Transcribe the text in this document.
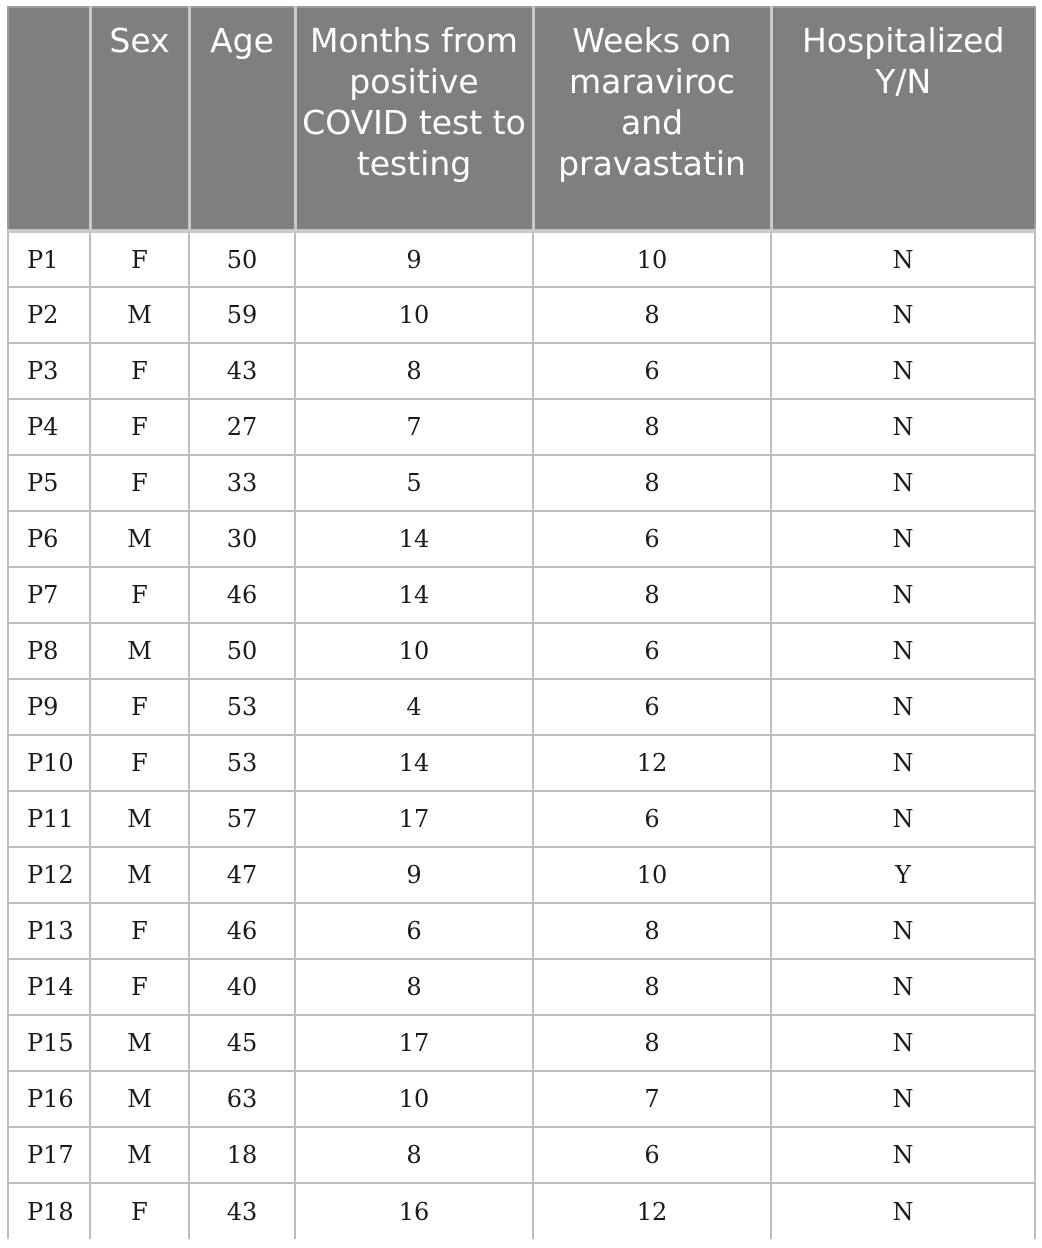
	Sex	Age	Months from positive COVID test to testing	Weeks on maraviroc and pravastatin	Hospitalized Y/N
P1	F	50	9	10	N
P2	M	59	10	8	N
P3	F	43	8	6	N
P4	F	27	7	8	N
P5	F	33	5	8	N
P6	M	30	14	6	N
P7	F	46	14	8	N
P8	M	50	10	6	N
P9	F	53	4	6	N
P10	F	53	14	12	N
P11	M	57	17	6	N
P12	M	47	9	10	Y
P13	F	46	6	8	N
P14	F	40	8	8	N
P15	M	45	17	8	N
P16	M	63	10	7	N
P17	M	18	8	6	N
P18	F	43	16	12	N
